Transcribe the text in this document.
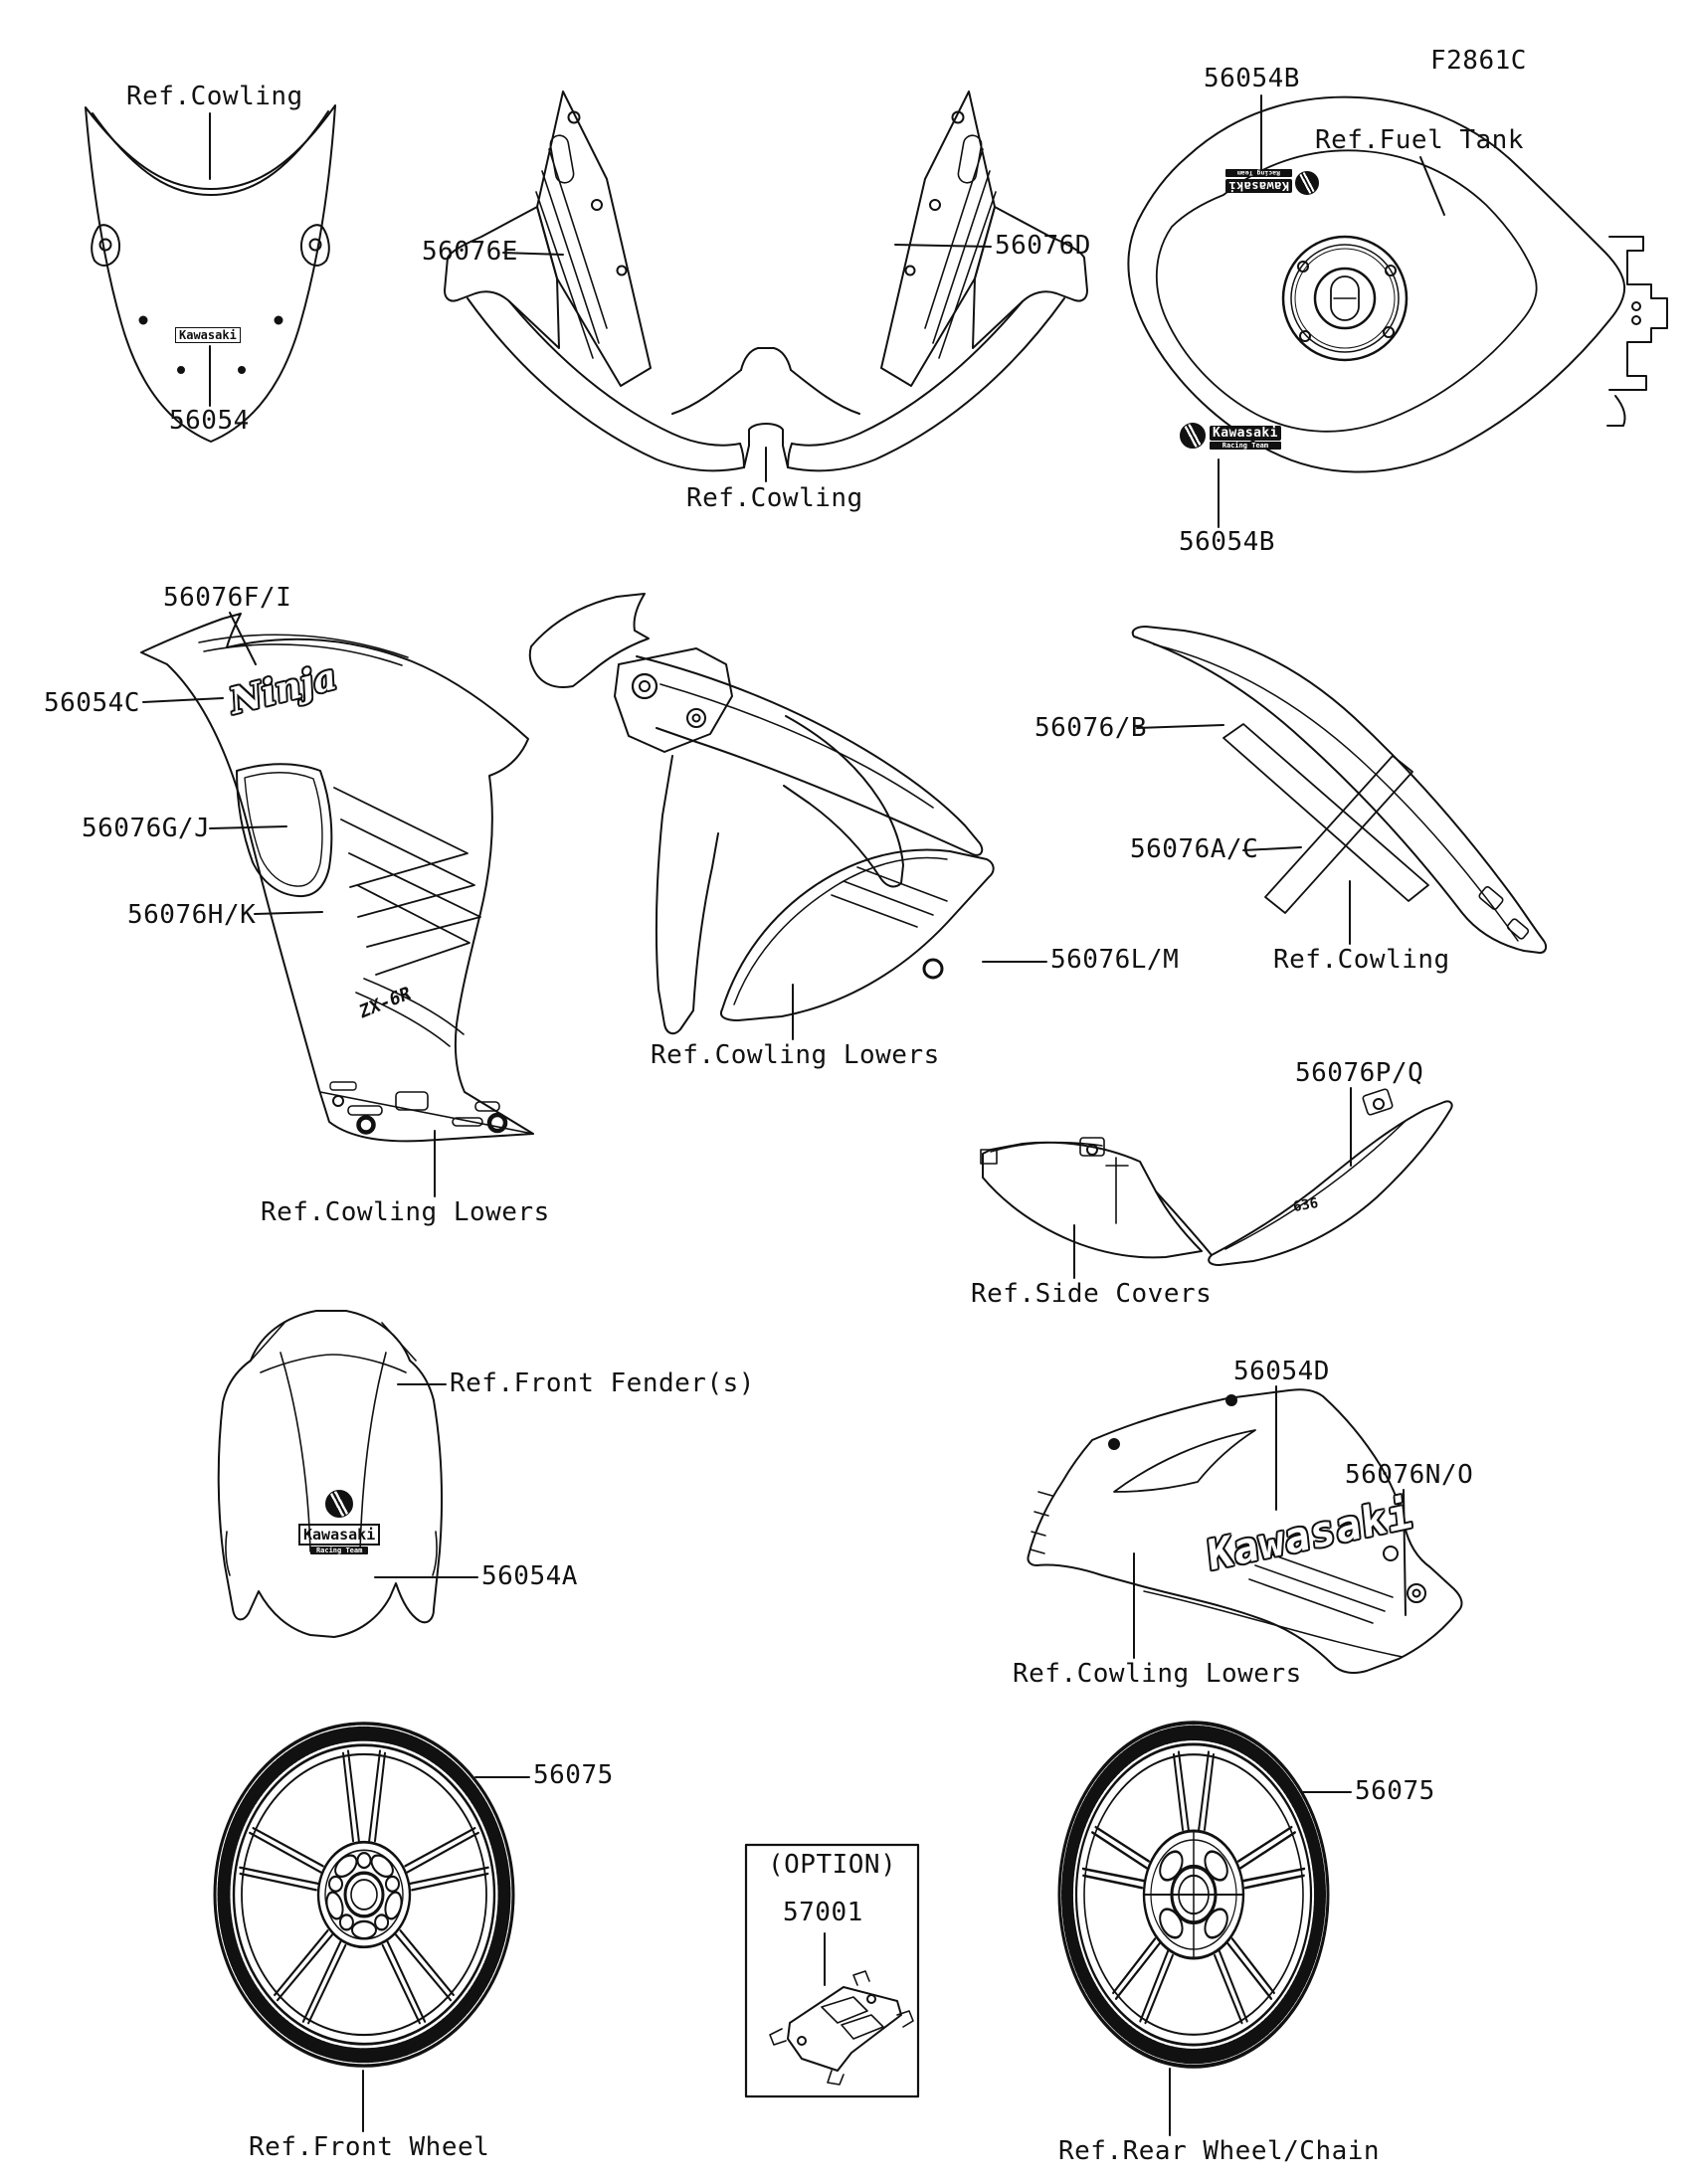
Ref.Cowling
56054
56076E	56076D
Ref.Cowling
56054B
F2861C
Ref.Fuel Tank
56054B
56076F/I
56054C
56076G/J
56076H/K
Ref.Cowling Lowers
56076L/M
Ref.Cowling Lowers
56076/B
56076A/C
Ref.Cowling
56076P/Q
Ref.Side Covers
Ref.Front Fender(s)
56054A
56054D
56076N/O
Ref.Cowling Lowers
56075
Ref.Front Wheel
(OPTION)
57001
56075
Ref.Rear Wheel/Chain
Kawasaki
Kawasaki
Racing Team
Kawasaki
Racing Team
Ninja
ZX-6R
636

Kawasaki
Racing Team	Kawasaki
